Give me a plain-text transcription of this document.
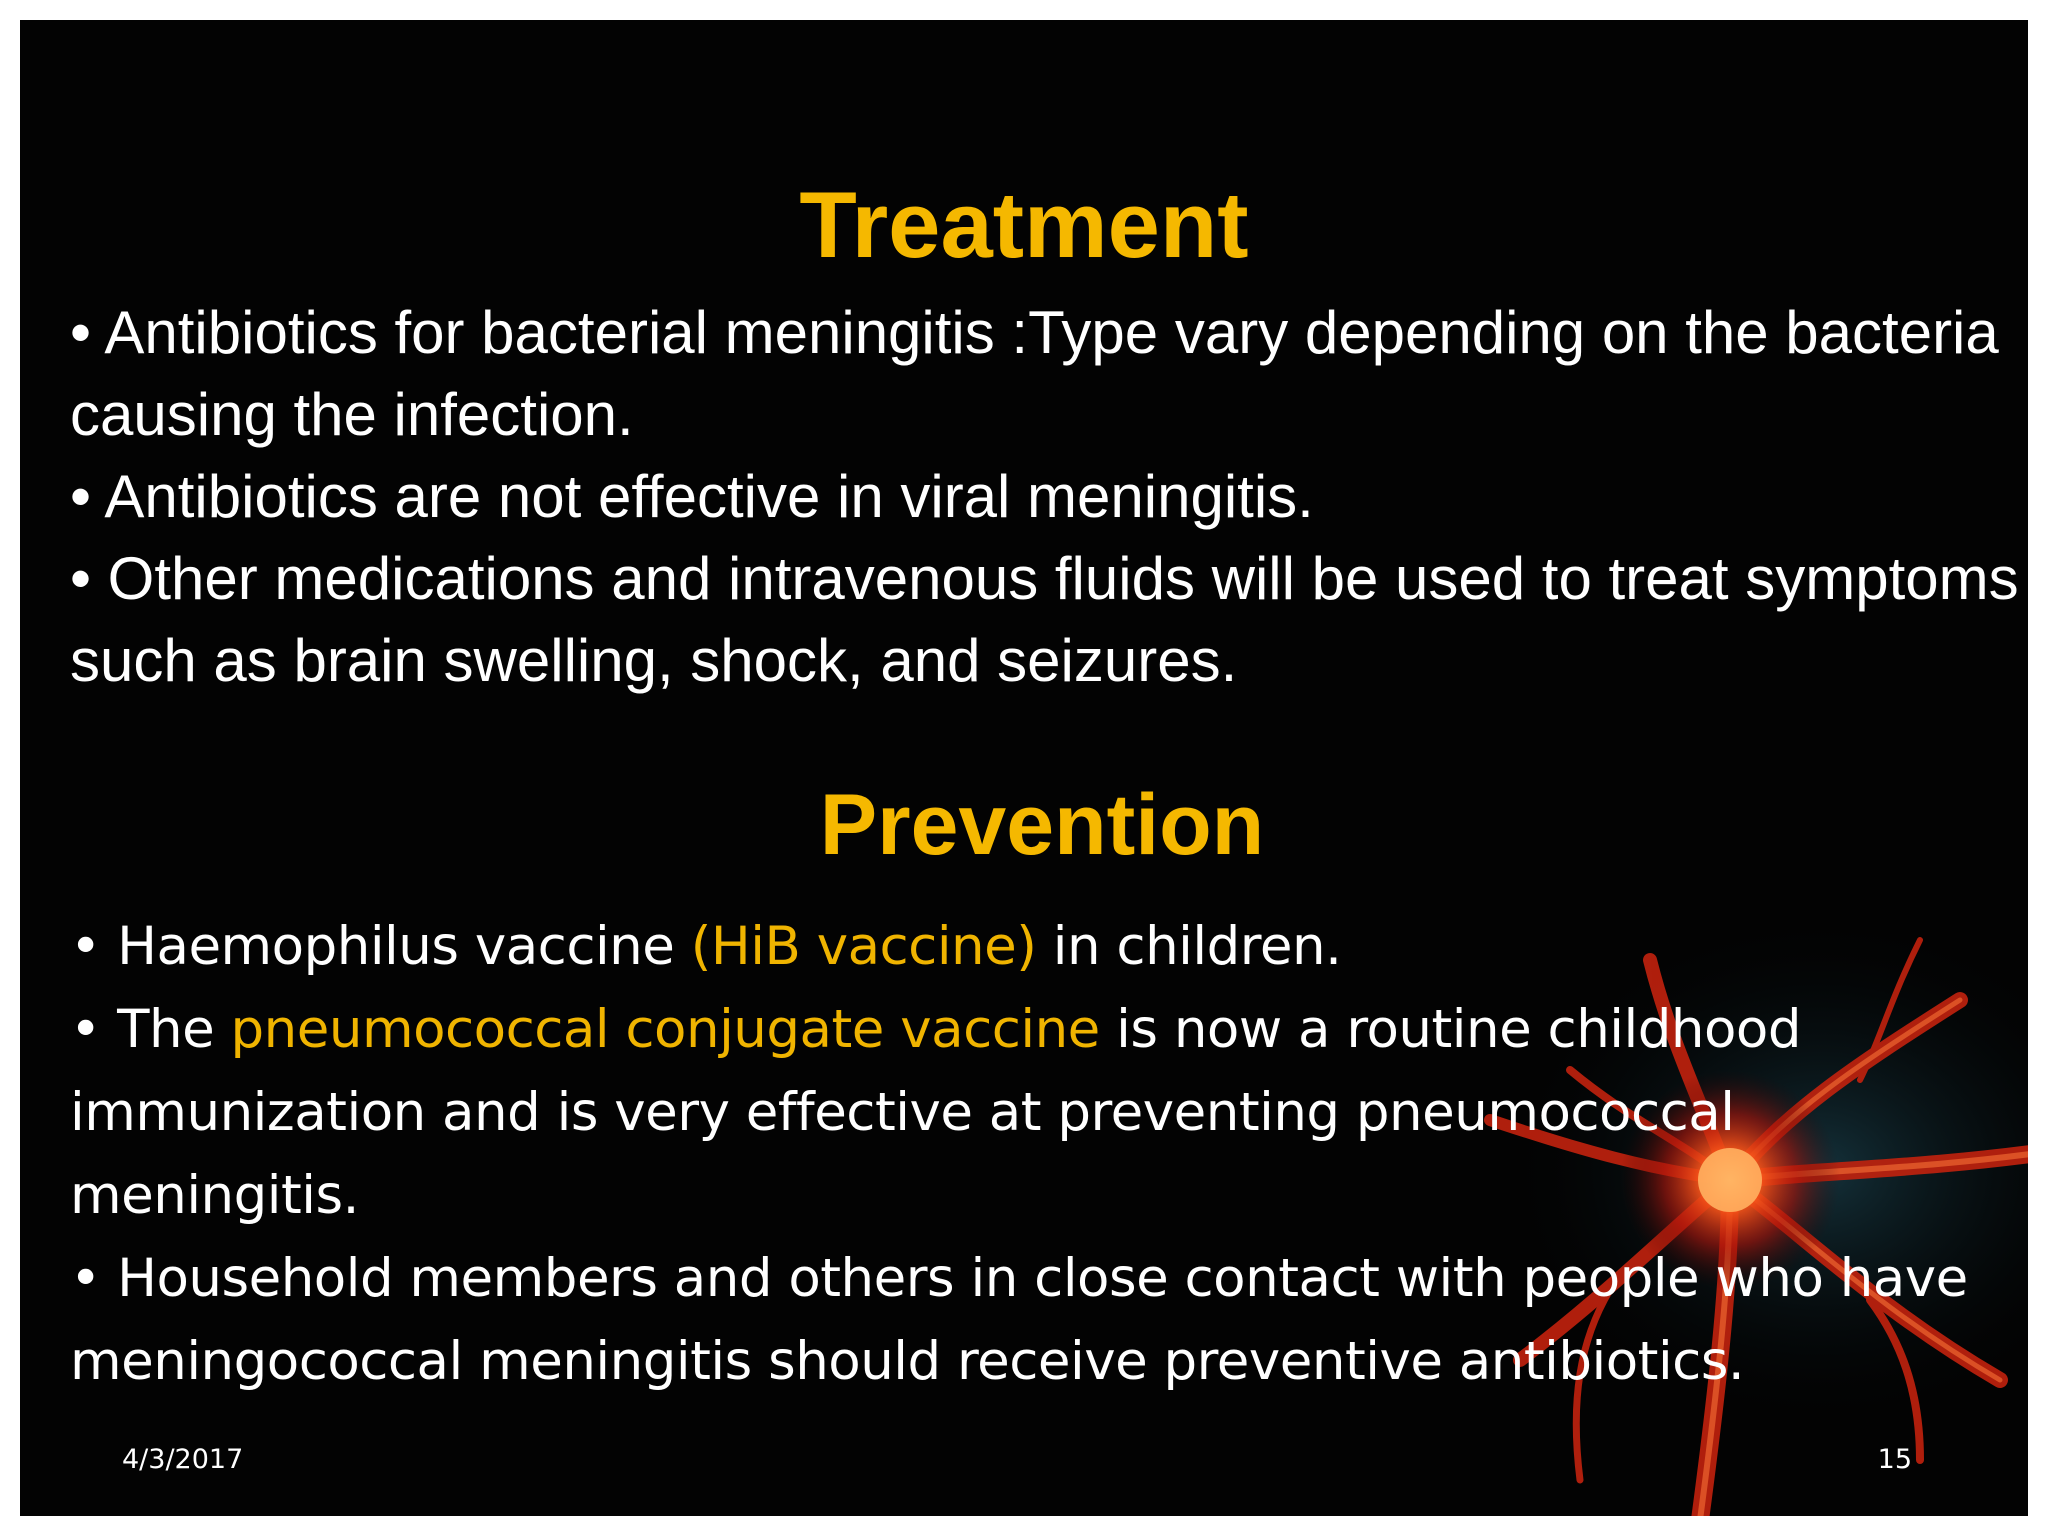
Treatment

• Antibiotics for bacterial meningitis :Type vary depending on the bacteria causing the infection.

• Antibiotics are not effective in viral meningitis.

• Other medications and intravenous fluids will be used to treat symptoms such as brain swelling, shock, and seizures.

Prevention

• Haemophilus vaccine (HiB vaccine) in children.

• The pneumococcal conjugate vaccine is now a routine childhood immunization and is very effective at preventing pneumococcal meningitis.

• Household members and others in close contact with people who have meningococcal meningitis should receive preventive antibiotics.

4/3/2017	15
